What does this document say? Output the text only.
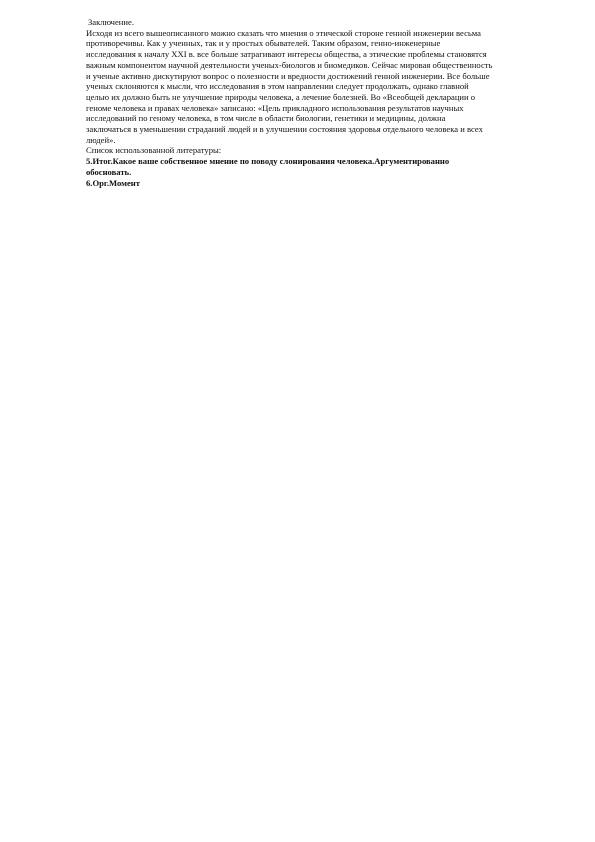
Заключение.
Исходя из всего вышеописанного можно сказать что мнения о этической стороне генной инженерии весьма
противоречивы. Как у ученных, так и у простых обывателей. Таким образом, генно-инженерные
исследования к началу XXI в. все больше затрагивают интересы общества, а этические проблемы становятся
важным компонентом научной деятельности ученых-биологов и биомедиков. Сейчас мировая общественность
и ученые активно дискутируют вопрос о полезности и вредности достижений генной инженерии. Все больше
ученых склоняются к мысли, что исследования в этом направлении следует продолжать, однако главной
целью их должно быть не улучшение природы человека, а лечение болезней. Во «Всеобщей декларации о
геноме человека и правах человека» записано: «Цель прикладного использования результатов научных
исследований по геному человека, в том числе в области биологии, генетики и медицины, должна
заключаться в уменьшении страданий людей и в улучшении состояния здоровья отдельного человека и всех
людей».
Список использованной литературы:
5.Итог.Какое ваше собственное мнение по поводу слонирования человека.Аргументированно
обосновать.
6.Орг.Момент
